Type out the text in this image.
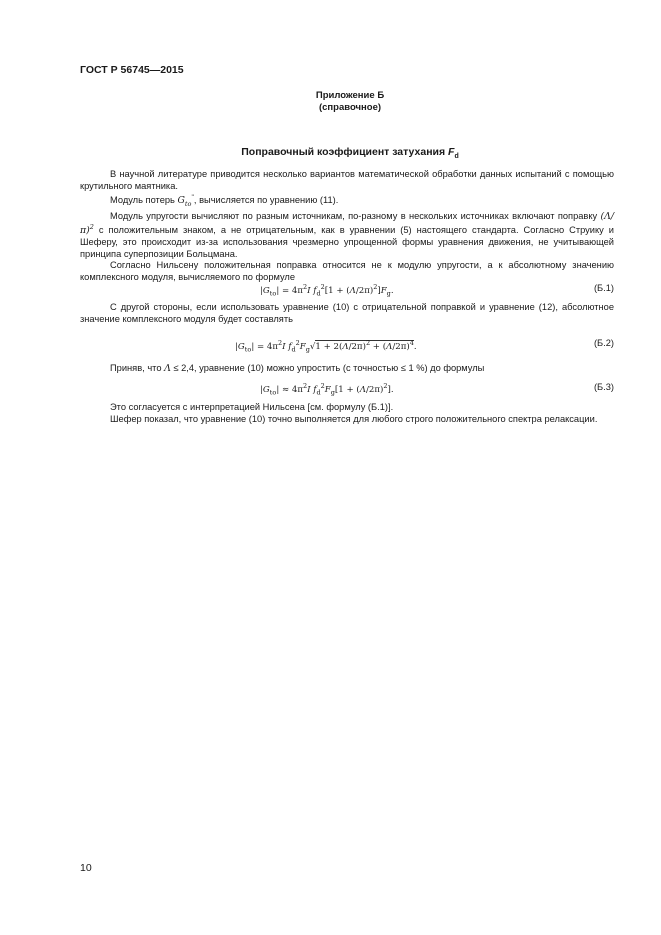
ГОСТ Р 56745—2015
Приложение Б
(справочное)
Поправочный коэффициент затухания $F_d$

В научной литературе приводится несколько вариантов математической обработки данных испытаний с помощью крутильного маятника.

Модуль потерь $G_{to}''$, вычисляется по уравнению (11).

Модуль упругости вычисляют по разным источникам, по-разному в нескольких источниках включают поправку $(\Lambda/\pi)^2$ с положительным знаком, а не отрицательным, как в уравнении (5) настоящего стандарта. Согласно Струику и Шеферу, это происходит из-за использования чрезмерно упрощенной формы уравнения движения, не учитывающей принципа суперпозиции Больцмана.

Согласно Нильсену положительная поправка относится не к модулю упругости, а к абсолютному значению комплексного модуля, вычисляемого по формуле

$|G_{to}| = 4\pi^2I$ $f_d^2[1 + (\Lambda/2\pi)^2]F_g$.	(Б.1)

С другой стороны, если использовать уравнение (10) с отрицательной поправкой и уравнение (12), абсолютное значение комплексного модуля будет составлять

$|G_{to}| = 4\pi^2I$ $f_d^2F_g√1 + 2(\Lambda/2\pi)^2 + (\Lambda/2\pi)^4$.	(Б.2)

Приняв, что Λ ≤ 2,4, уравнение (10) можно упростить (с точностью ≤ 1 %) до формулы

$|G_{to}| \approx 4\pi^2I$ $f_d^2F_g[1 + (\Lambda/2\pi)^2]$.	(Б.3)

Это согласуется с интерпретацией Нильсена [см. формулу (Б.1)].

Шефер показал, что уравнение (10) точно выполняется для любого строго положительного спектра релаксации.

10
